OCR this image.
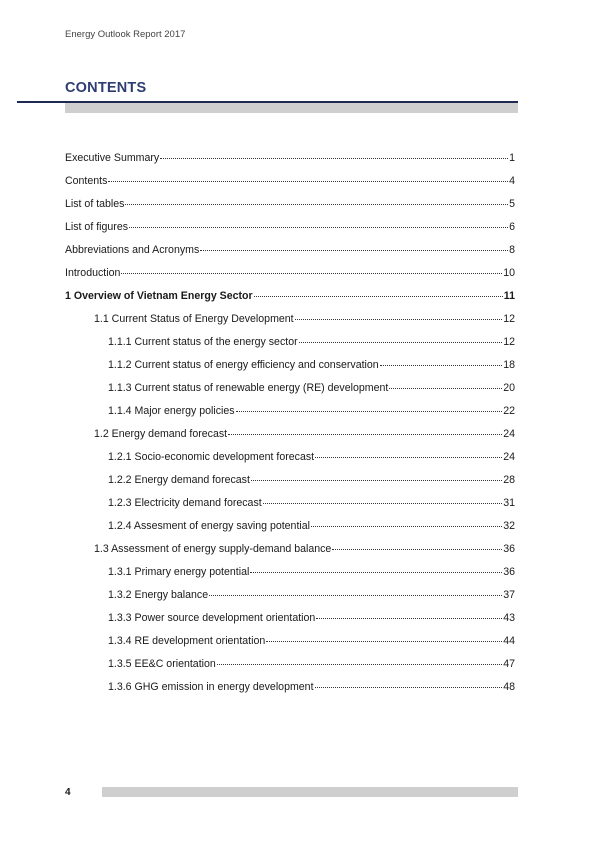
Energy Outlook Report 2017
CONTENTS
Executive Summary	1
Contents	4
List of tables	5
List of figures	6
Abbreviations and Acronyms	8
Introduction	10
1 Overview of Vietnam Energy Sector	11
1.1 Current Status of Energy Development	12
1.1.1 Current status of the energy sector	12
1.1.2 Current status of energy efficiency and conservation	18
1.1.3 Current status of renewable energy (RE) development	20
1.1.4 Major energy policies	22
1.2 Energy demand forecast	24
1.2.1 Socio-economic development forecast	24
1.2.2 Energy demand forecast	28
1.2.3 Electricity demand forecast	31
1.2.4 Assesment of energy saving potential	32
1.3 Assessment of energy supply-demand balance	36
1.3.1 Primary energy potential	36
1.3.2 Energy balance	37
1.3.3 Power source development orientation	43
1.3.4 RE development orientation	44
1.3.5 EE&C orientation	47
1.3.6 GHG emission in energy development	48
4
